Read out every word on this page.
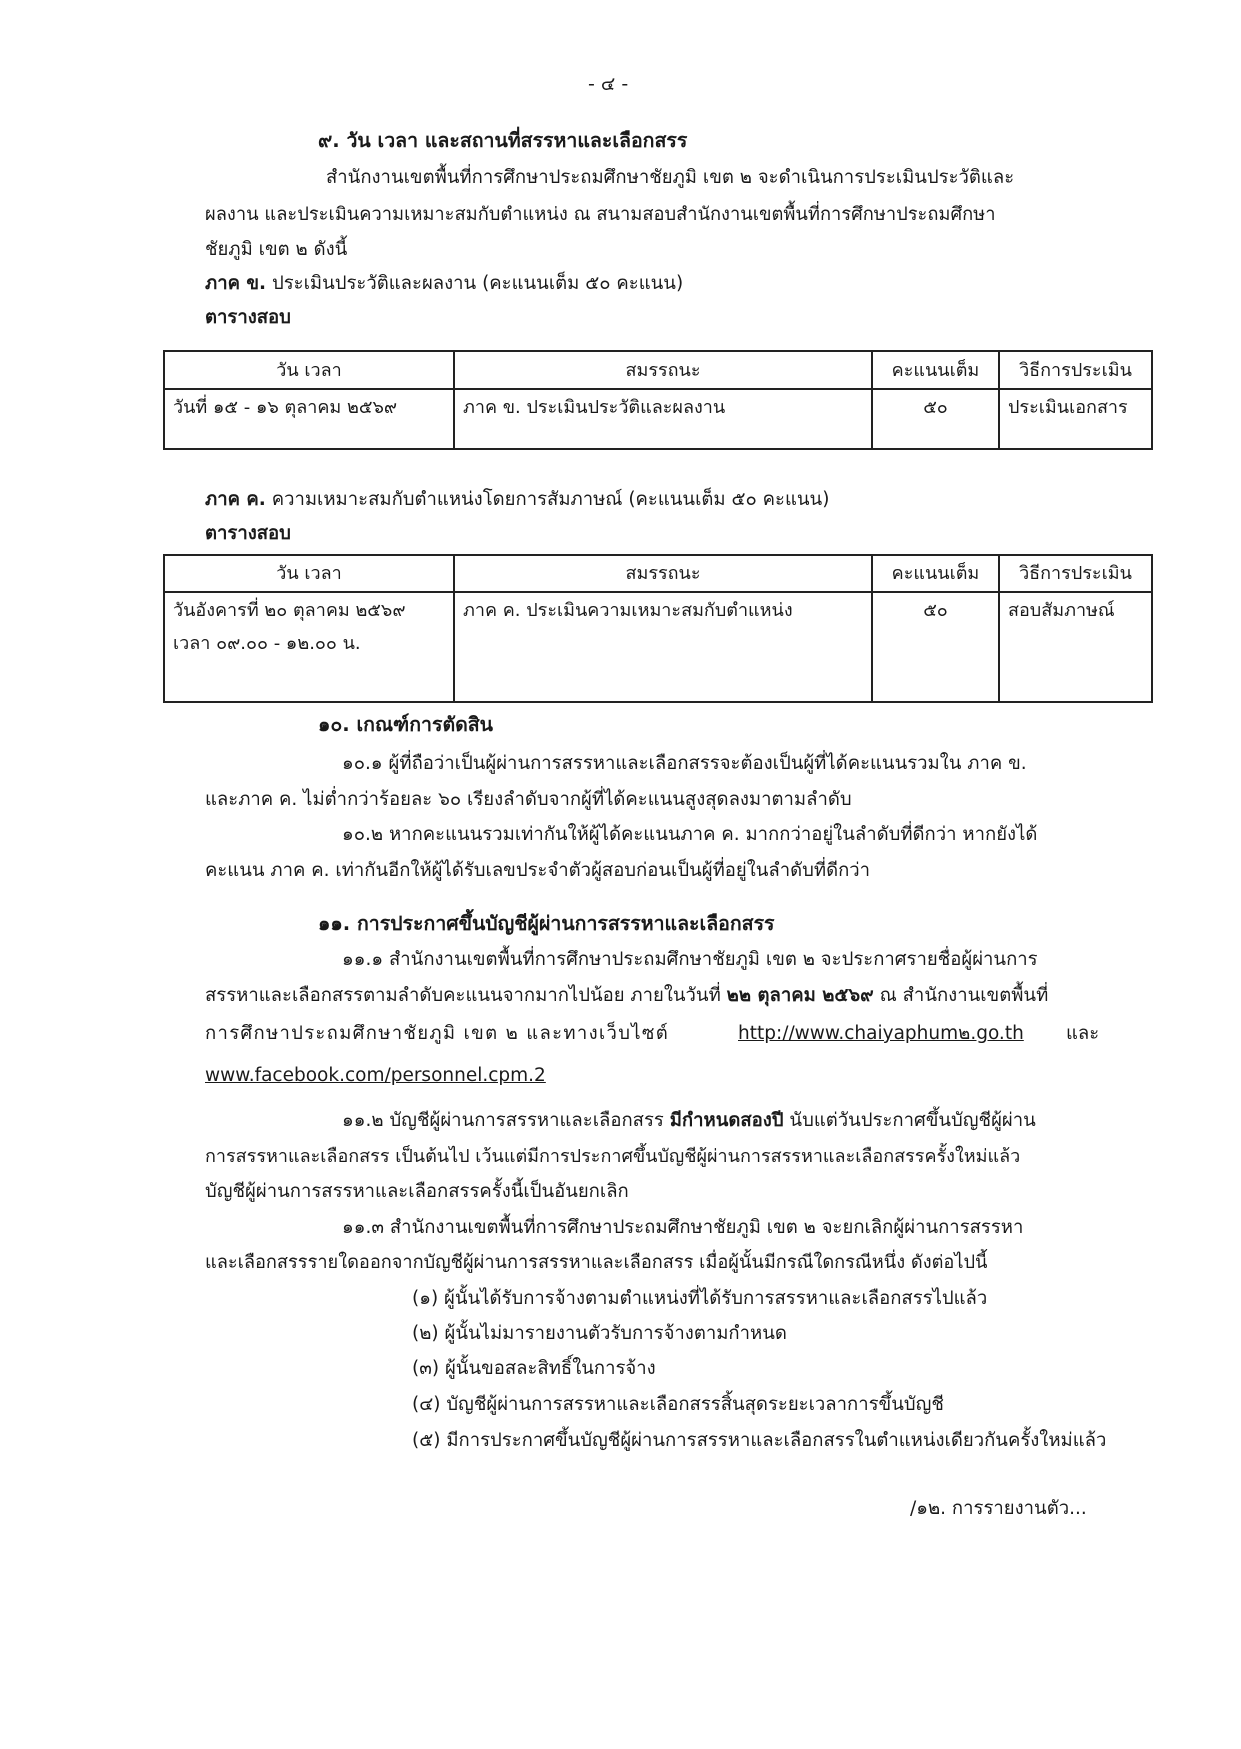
- ๔ -
๙. วัน เวลา และสถานที่สรรหาและเลือกสรร
สำนักงานเขตพื้นที่การศึกษาประถมศึกษาชัยภูมิ เขต ๒ จะดำเนินการประเมินประวัติและ
ผลงาน และประเมินความเหมาะสมกับตำแหน่ง ณ สนามสอบสำนักงานเขตพื้นที่การศึกษาประถมศึกษา
ชัยภูมิ เขต ๒ ดังนี้
ภาค ข. ประเมินประวัติและผลงาน (คะแนนเต็ม ๕๐ คะแนน)
ตารางสอบ
วัน เวลา	สมรรถนะ	คะแนนเต็ม	วิธีการประเมิน
วันที่ ๑๕ - ๑๖ ตุลาคม ๒๕๖๙	ภาค ข. ประเมินประวัติและผลงาน	๕๐	ประเมินเอกสาร
ภาค ค. ความเหมาะสมกับตำแหน่งโดยการสัมภาษณ์ (คะแนนเต็ม ๕๐ คะแนน)
ตารางสอบ
วัน เวลา	สมรรถนะ	คะแนนเต็ม	วิธีการประเมิน

วันอังคารที่ ๒๐ ตุลาคม ๒๕๖๙
เวลา ๐๙.๐๐ - ๑๒.๐๐ น.	ภาค ค. ประเมินความเหมาะสมกับตำแหน่ง	๕๐	สอบสัมภาษณ์
๑๐. เกณฑ์การตัดสิน
๑๐.๑ ผู้ที่ถือว่าเป็นผู้ผ่านการสรรหาและเลือกสรรจะต้องเป็นผู้ที่ได้คะแนนรวมใน ภาค ข.
และภาค ค. ไม่ต่ำกว่าร้อยละ ๖๐ เรียงลำดับจากผู้ที่ได้คะแนนสูงสุดลงมาตามลำดับ
๑๐.๒ หากคะแนนรวมเท่ากันให้ผู้ได้คะแนนภาค ค. มากกว่าอยู่ในลำดับที่ดีกว่า หากยังได้
คะแนน ภาค ค. เท่ากันอีกให้ผู้ได้รับเลขประจำตัวผู้สอบก่อนเป็นผู้ที่อยู่ในลำดับที่ดีกว่า
๑๑. การประกาศขึ้นบัญชีผู้ผ่านการสรรหาและเลือกสรร
๑๑.๑ สำนักงานเขตพื้นที่การศึกษาประถมศึกษาชัยภูมิ เขต ๒ จะประกาศรายชื่อผู้ผ่านการ
สรรหาและเลือกสรรตามลำดับคะแนนจากมากไปน้อย ภายในวันที่ ๒๒ ตุลาคม ๒๕๖๙ ณ สำนักงานเขตพื้นที่
การศึกษาประถมศึกษาชัยภูมิ เขต ๒ และทางเว็บไซต์	http://www.chaiyaphum๒.go.th และ
www.facebook.com/personnel.cpm.2
๑๑.๒ บัญชีผู้ผ่านการสรรหาและเลือกสรร มีกำหนดสองปี นับแต่วันประกาศขึ้นบัญชีผู้ผ่าน
การสรรหาและเลือกสรร เป็นต้นไป เว้นแต่มีการประกาศขึ้นบัญชีผู้ผ่านการสรรหาและเลือกสรรครั้งใหม่แล้ว
บัญชีผู้ผ่านการสรรหาและเลือกสรรครั้งนี้เป็นอันยกเลิก
๑๑.๓ สำนักงานเขตพื้นที่การศึกษาประถมศึกษาชัยภูมิ เขต ๒ จะยกเลิกผู้ผ่านการสรรหา
และเลือกสรรรายใดออกจากบัญชีผู้ผ่านการสรรหาและเลือกสรร เมื่อผู้นั้นมีกรณีใดกรณีหนึ่ง ดังต่อไปนี้
(๑) ผู้นั้นได้รับการจ้างตามตำแหน่งที่ได้รับการสรรหาและเลือกสรรไปแล้ว
(๒) ผู้นั้นไม่มารายงานตัวรับการจ้างตามกำหนด
(๓) ผู้นั้นขอสละสิทธิ์ในการจ้าง
(๔) บัญชีผู้ผ่านการสรรหาและเลือกสรรสิ้นสุดระยะเวลาการขึ้นบัญชี
(๕) มีการประกาศขึ้นบัญชีผู้ผ่านการสรรหาและเลือกสรรในตำแหน่งเดียวกันครั้งใหม่แล้ว
/๑๒. การรายงานตัว...
